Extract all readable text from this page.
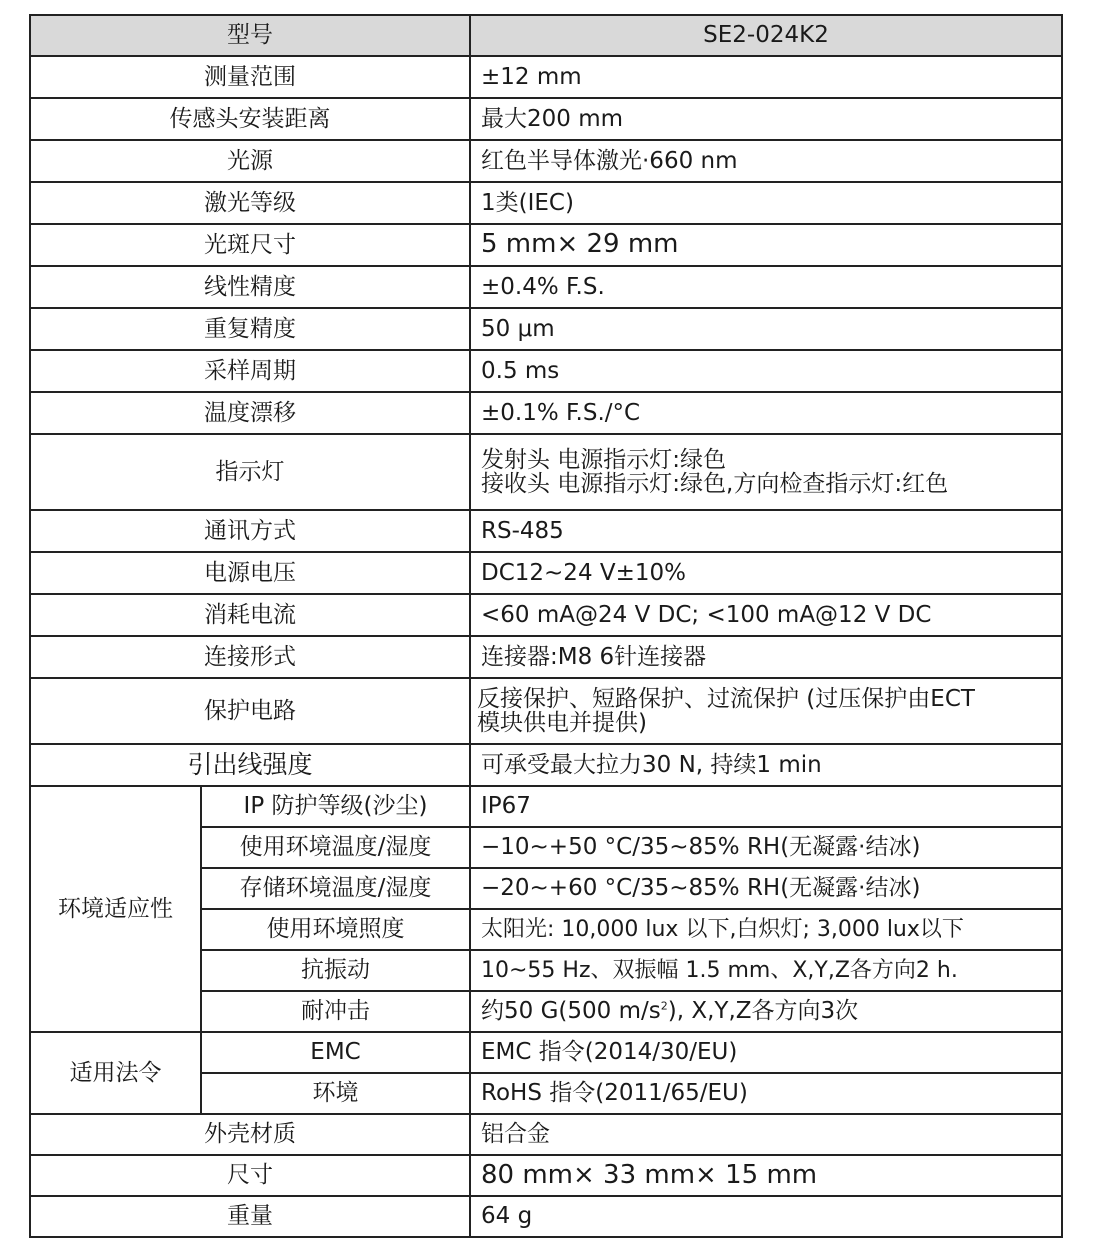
型号		SE2-024K2
测量范围		±12 mm
传感头安装距离		最大200 mm
光源		红色半导体激光·660 nm
激光等级		1类(IEC)
光斑尺寸		5 mm× 29 mm
线性精度		±0.4% F.S.
重复精度		50 μm
采样周期		0.5 ms
温度漂移		±0.1% F.S./°C
指示灯		发射头 电源指示灯:绿色
接收头 电源指示灯:绿色,方向检查指示灯:红色

通讯方式		RS-485
电源电压		DC12~24 V±10%
消耗电流		<60 mA@24 V DC; <100 mA@12 V DC
连接形式		连接器:M8 6针连接器
保护电路		反接保护、短路保护、过流保护 (过压保护由ECT
模块供电并提供)

引出线强度		可承受最大拉力30 N, 持续1 min
环境适应性	IP 防护等级(沙尘)	IP67
	使用环境温度/湿度	−10~+50 °C/35~85% RH(无凝露·结冰)
	存储环境温度/湿度	−20~+60 °C/35~85% RH(无凝露·结冰)
	使用环境照度	太阳光: 10,000 lux 以下,白炽灯; 3,000 lux以下
	抗振动	10~55 Hz、双振幅 1.5 mm、X,Y,Z各方向2 h.
	耐冲击	约50 G(500 $m/s^2$), X,Y,Z各方向3次
适用法令	EMC	EMC 指令(2014/30/EU)
	环境	RoHS 指令(2011/65/EU)
外壳材质		铝合金
尺寸		80 mm× 33 mm× 15 mm
重量		64 g
